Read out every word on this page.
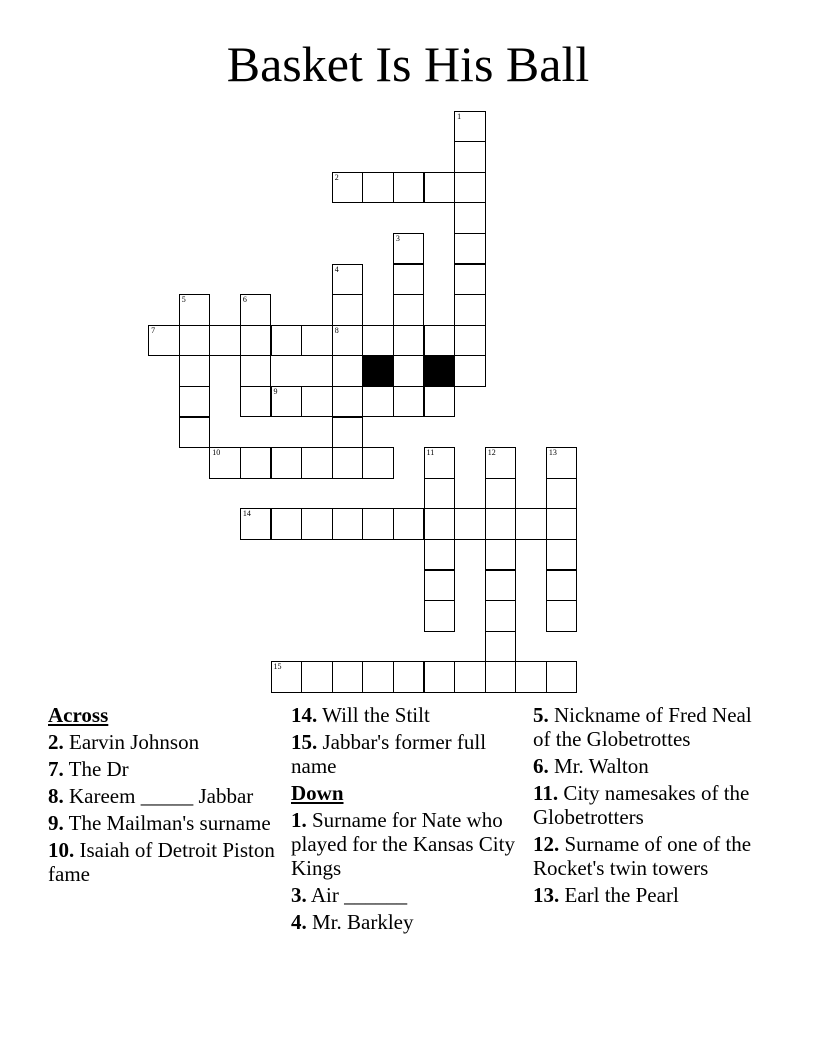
Basket Is His Ball
1
2
3
4
8
5	6
7
9
10	11	12	13
14
15
Across
2. Earvin Johnson
7. The Dr
8. Kareem _____ Jabbar
9. The Mailman's surname
10. Isaiah of Detroit Piston fame
14. Will the Stilt
15. Jabbar's former full name
Down
1. Surname for Nate who played for the Kansas City Kings
3. Air ______
4. Mr. Barkley
5. Nickname of Fred Neal of the Globetrottes
6. Mr. Walton
11. City namesakes of the Globetrotters
12. Surname of one of the Rocket's twin towers
13. Earl the Pearl
